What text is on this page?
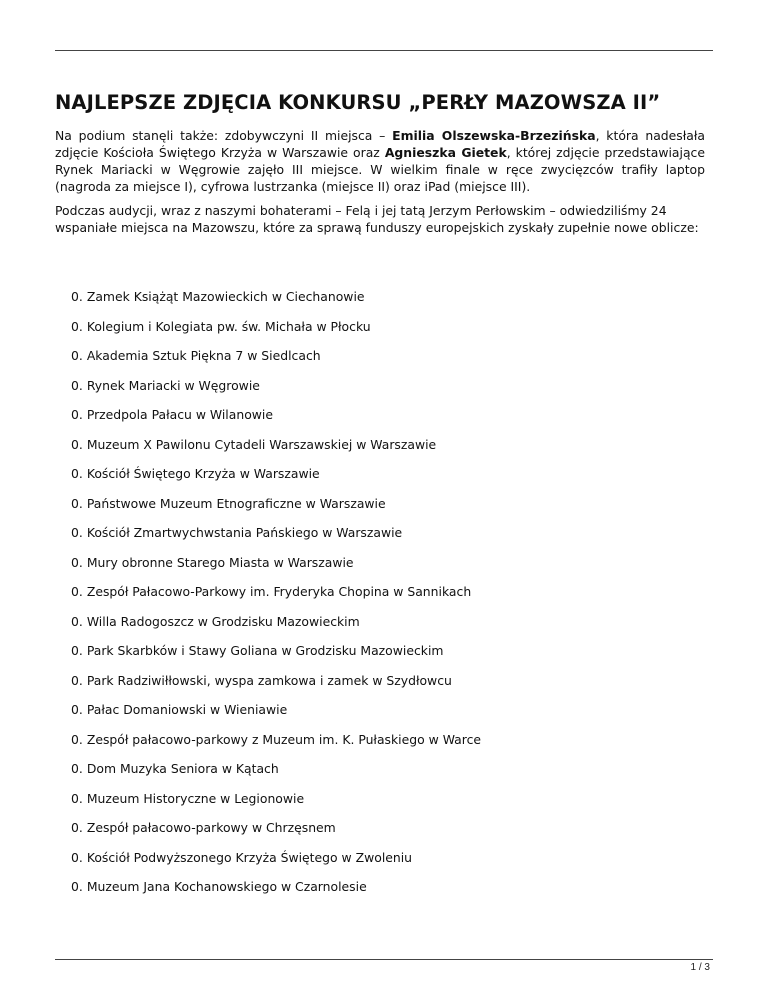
NAJLEPSZE ZDJĘCIA KONKURSU „PERŁY MAZOWSZA II”

Na podium stanęli także: zdobywczyni II miejsca – Emilia Olszewska-Brzezińska, która nadesłała zdjęcie Kościoła Świętego Krzyża w Warszawie oraz Agnieszka Gietek, której zdjęcie przedstawiające Rynek Mariacki w Węgrowie zajęło III miejsce. W wielkim finale w ręce zwycięzców trafiły laptop (nagroda za miejsce I), cyfrowa lustrzanka (miejsce II) oraz iPad (miejsce III).

Podczas audycji, wraz z naszymi bohaterami – Felą i jej tatą Jerzym Perłowskim – odwiedziliśmy 24 wspaniałe miejsca na Mazowszu, które za sprawą funduszy europejskich zyskały zupełnie nowe oblicze:

0. Zamek Książąt Mazowieckich w Ciechanowie
0. Kolegium i Kolegiata pw. św. Michała w Płocku
0. Akademia Sztuk Piękna 7 w Siedlcach
0. Rynek Mariacki w Węgrowie
0. Przedpola Pałacu w Wilanowie
0. Muzeum X Pawilonu Cytadeli Warszawskiej w Warszawie
0. Kościół Świętego Krzyża w Warszawie
0. Państwowe Muzeum Etnograficzne w Warszawie
0. Kościół Zmartwychwstania Pańskiego w Warszawie
0. Mury obronne Starego Miasta w Warszawie
0. Zespół Pałacowo-Parkowy im. Fryderyka Chopina w Sannikach
0. Willa Radogoszcz w Grodzisku Mazowieckim
0. Park Skarbków i Stawy Goliana w Grodzisku Mazowieckim
0. Park Radziwiłłowski, wyspa zamkowa i zamek w Szydłowcu
0. Pałac Domaniowski w Wieniawie
0. Zespół pałacowo-parkowy z Muzeum im. K. Pułaskiego w Warce
0. Dom Muzyka Seniora w Kątach
0. Muzeum Historyczne w Legionowie
0. Zespół pałacowo-parkowy w Chrzęsnem
0. Kościół Podwyższonego Krzyża Świętego w Zwoleniu
0. Muzeum Jana Kochanowskiego w Czarnolesie
1 / 3
